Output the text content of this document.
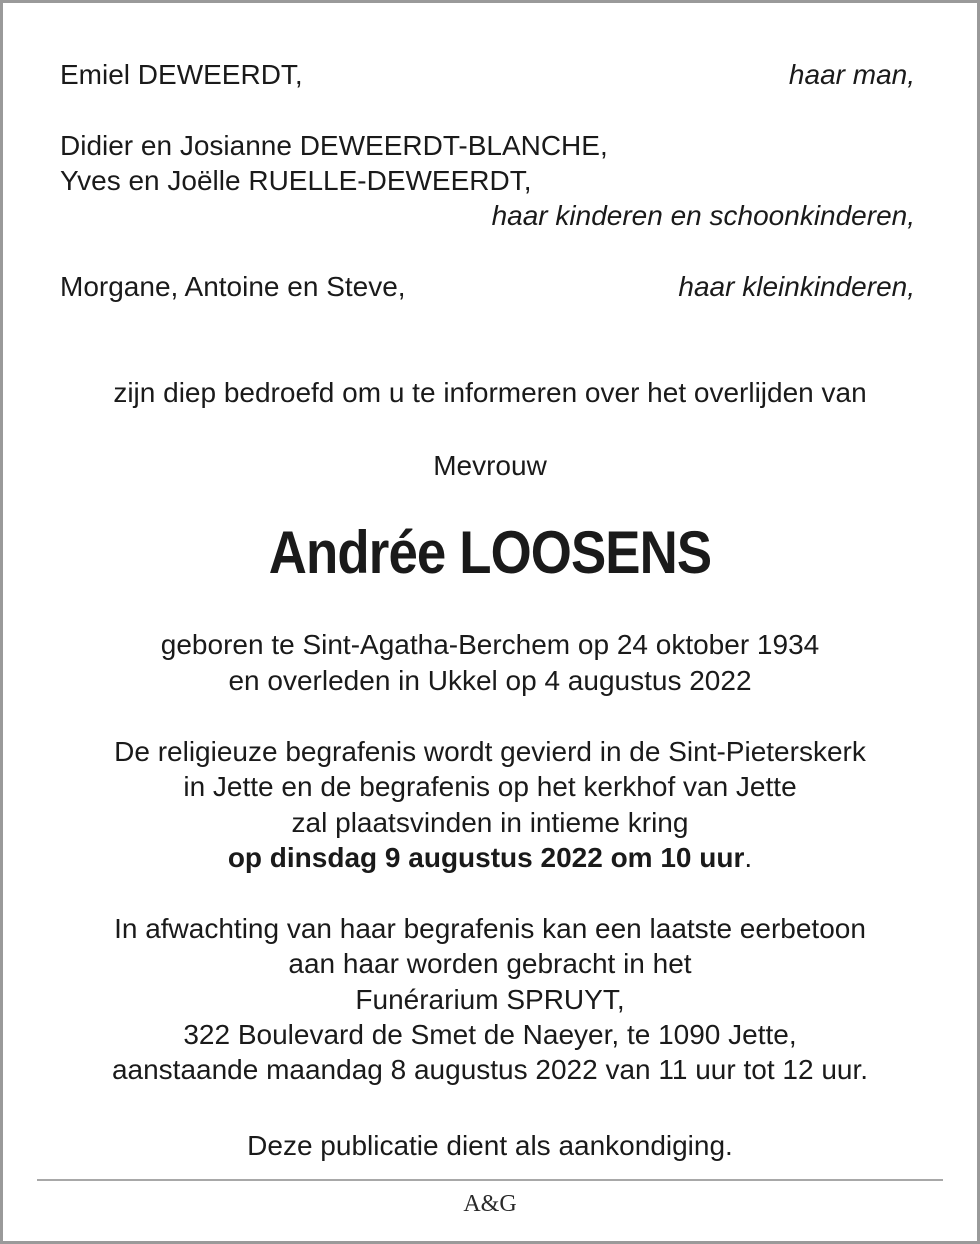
Emiel DEWEERDT,	haar man,
Didier en Josianne DEWEERDT-BLANCHE,
Yves en Joëlle RUELLE-DEWEERDT,
haar kinderen en schoonkinderen,
Morgane, Antoine en Steve,	haar kleinkinderen,
zijn diep bedroefd om u te informeren over het overlijden van
Mevrouw
Andrée LOOSENS
geboren te Sint-Agatha-Berchem op 24 oktober 1934
en overleden in Ukkel op 4 augustus 2022
De religieuze begrafenis wordt gevierd in de Sint-Pieterskerk
in Jette en de begrafenis op het kerkhof van Jette
zal plaatsvinden in intieme kring
op dinsdag 9 augustus 2022 om 10 uur.
In afwachting van haar begrafenis kan een laatste eerbetoon
aan haar worden gebracht in het
Funérarium SPRUYT,
322 Boulevard de Smet de Naeyer, te 1090 Jette,
aanstaande maandag 8 augustus 2022 van 11 uur tot 12 uur.
Deze publicatie dient als aankondiging.
A&G
